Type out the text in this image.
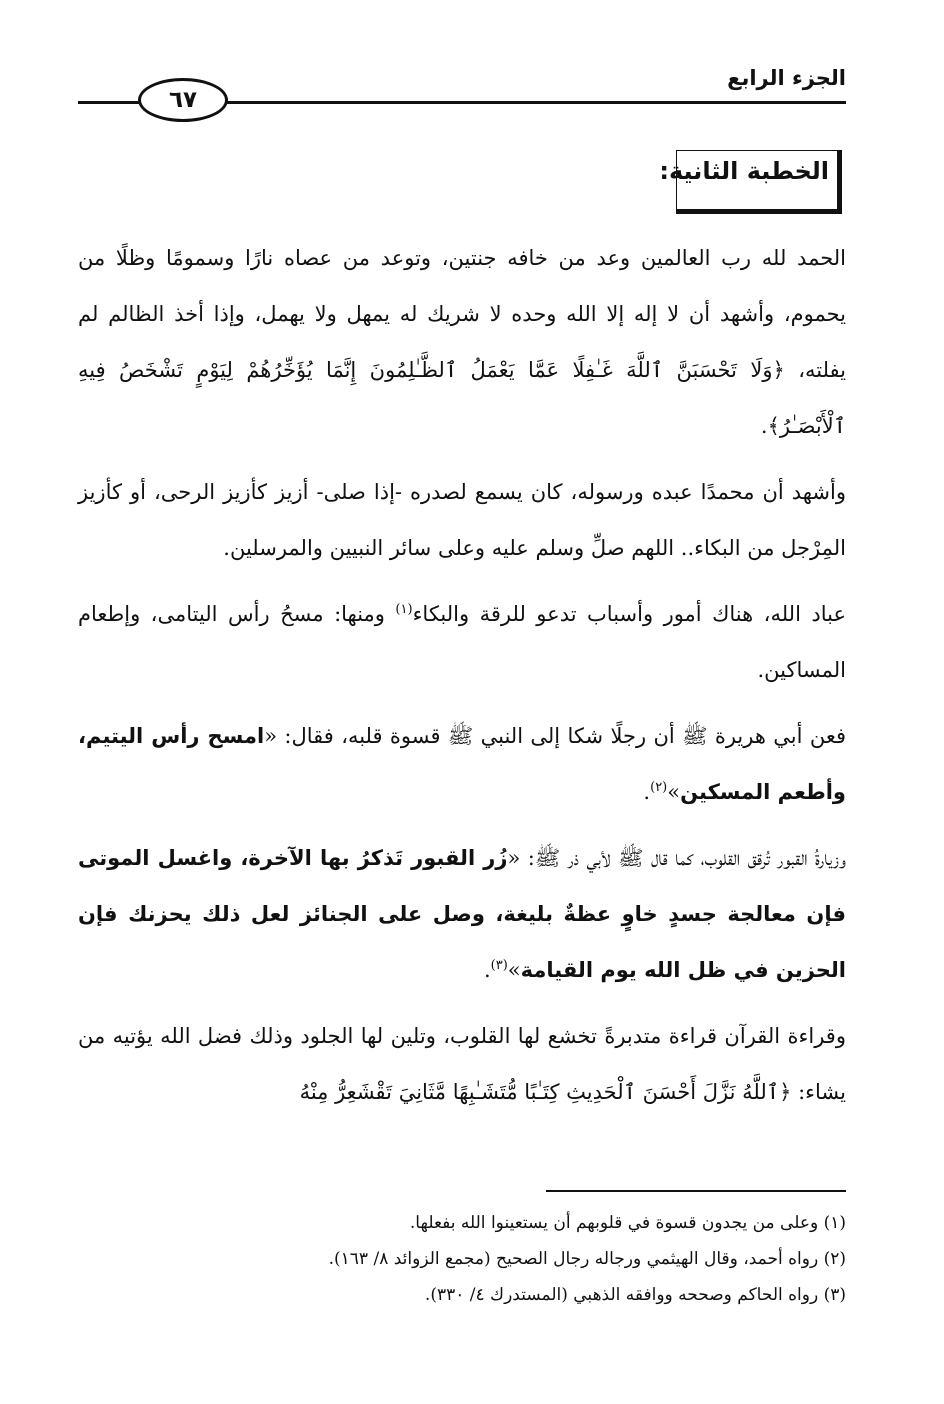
٦٧
الجزء الرابع
الخطبة الثانية:

الحمد لله رب العالمين وعد من خافه جنتين، وتوعد من عصاه نارًا وسمومًا وظلًا من يحموم، وأشهد أن لا إله إلا الله وحده لا شريك له يمهل ولا يهمل، وإذا أخذ الظالم لم يفلته، ﴿وَلَا تَحْسَبَنَّ ٱللَّهَ غَـٰفِلًا عَمَّا يَعْمَلُ ٱلظَّـٰلِمُونَ إِنَّمَا يُؤَخِّرُهُمْ لِيَوْمٍ تَشْخَصُ فِيهِ ٱلْأَبْصَـٰرُ﴾.

وأشهد أن محمدًا عبده ورسوله، كان يسمع لصدره -إذا صلى- أزيز كأزيز الرحى، أو كأزيز المِرْجل من البكاء.. اللهم صلِّ وسلم عليه وعلى سائر النبيين والمرسلين.

عباد الله، هناك أمور وأسباب تدعو للرقة والبكاء$^{(١)}$ ومنها: مسحُ رأس اليتامى، وإطعام المساكين.

فعن أبي هريرة ﷺ أن رجلًا شكا إلى النبي ﷺ قسوة قلبه، فقال: «امسح رأس اليتيم، وأطعم المسكين»$^{(٢)}$.

وزيارةُ القبور تُرقق القلوب، كما قال ﷺ لأبي ذر ﷺ: «زُر القبور تَذكرُ بها الآخرة، واغسل الموتى فإن معالجة جسدٍ خاوٍ عظةٌ بليغة، وصل على الجنائز لعل ذلك يحزنك فإن الحزين في ظل الله يوم القيامة»$^{(٣)}$.

وقراءة القرآن قراءة متدبرةً تخشع لها القلوب، وتلين لها الجلود وذلك فضل الله يؤتيه من يشاء: ﴿ٱللَّهُ نَزَّلَ أَحْسَنَ ٱلْحَدِيثِ كِتَـٰبًا مُّتَشَـٰبِهًا مَّثَانِيَ تَقْشَعِرُّ مِنْهُ

(١) وعلى من يجدون قسوة في قلوبهم أن يستعينوا الله بفعلها.
(٢) رواه أحمد، وقال الهيثمي ورجاله رجال الصحيح (مجمع الزوائد ٨/ ١٦٣).
(٣) رواه الحاكم وصححه ووافقه الذهبي (المستدرك ٤/ ٣٣٠).
